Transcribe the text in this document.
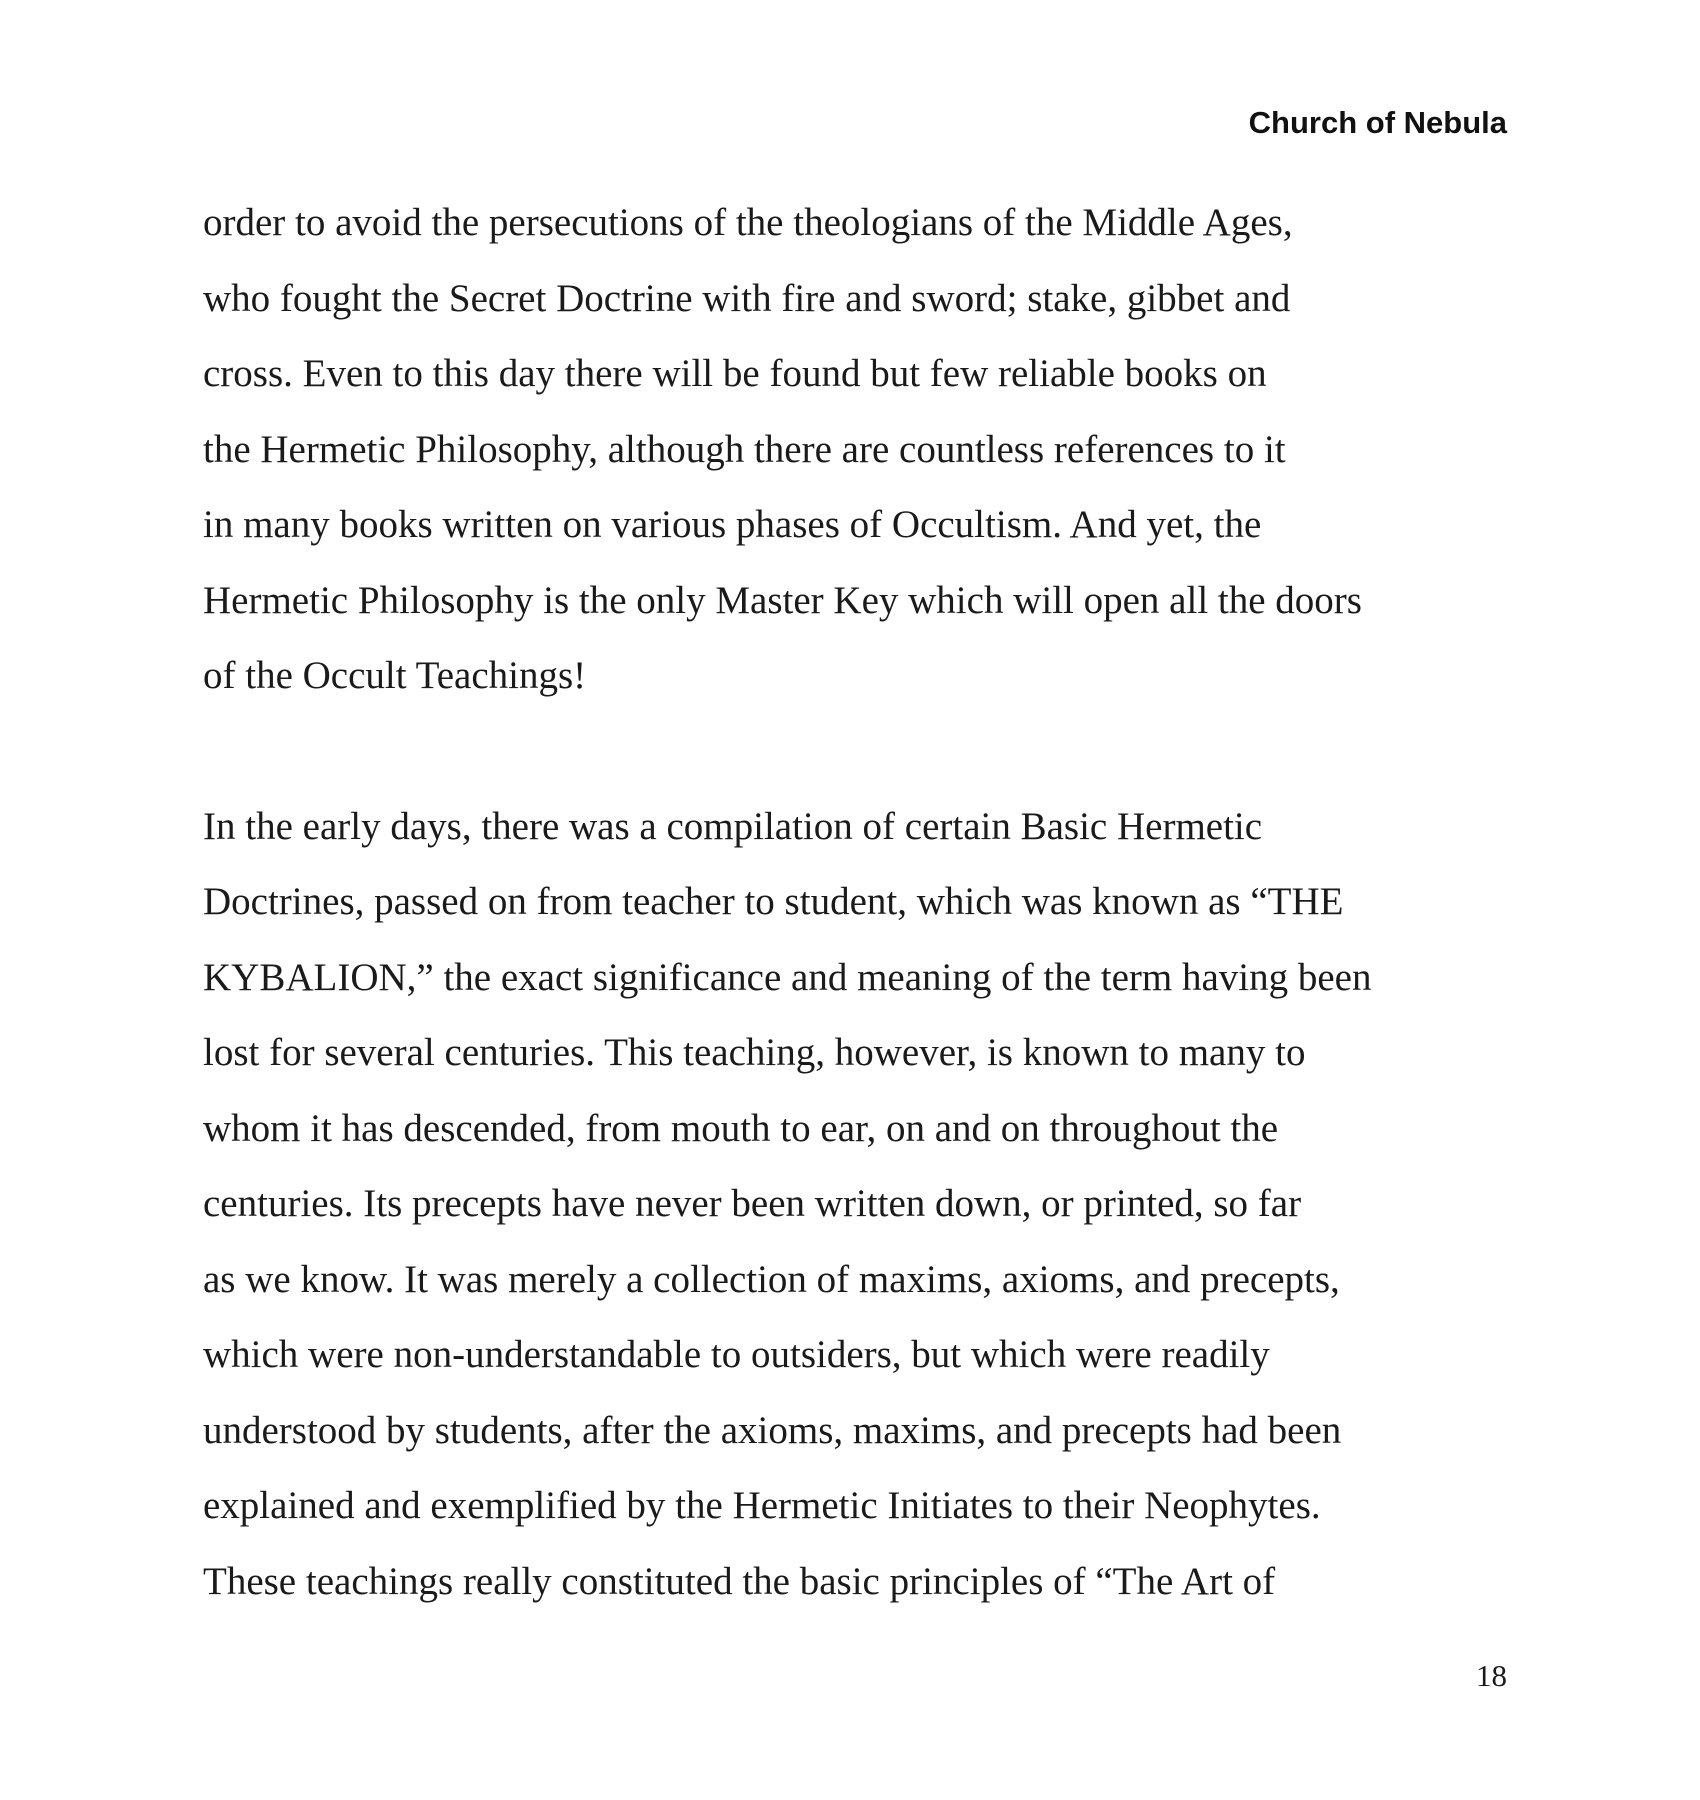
Church of Nebula
order to avoid the persecutions of the theologians of the Middle Ages,
who fought the Secret Doctrine with fire and sword; stake, gibbet and
cross. Even to this day there will be found but few reliable books on
the Hermetic Philosophy, although there are countless references to it
in many books written on various phases of Occultism. And yet, the
Hermetic Philosophy is the only Master Key which will open all the doors
of the Occult Teachings!
In the early days, there was a compilation of certain Basic Hermetic
Doctrines, passed on from teacher to student, which was known as “THE
KYBALION,” the exact significance and meaning of the term having been
lost for several centuries. This teaching, however, is known to many to
whom it has descended, from mouth to ear, on and on throughout the
centuries. Its precepts have never been written down, or printed, so far
as we know. It was merely a collection of maxims, axioms, and precepts,
which were non-understandable to outsiders, but which were readily
understood by students, after the axioms, maxims, and precepts had been
explained and exemplified by the Hermetic Initiates to their Neophytes.
These teachings really constituted the basic principles of “The Art of
18
